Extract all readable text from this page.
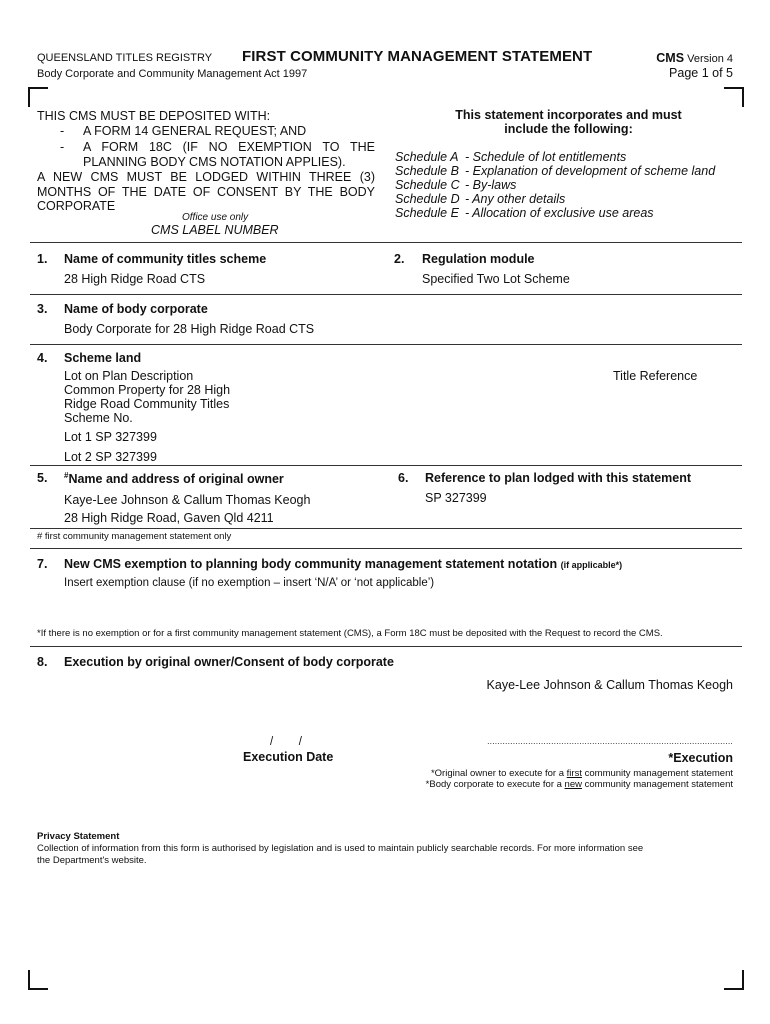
QUEENSLAND TITLES REGISTRY
Body Corporate and Community Management Act 1997
FIRST COMMUNITY MANAGEMENT STATEMENT	CMS Version 4
Page 1 of 5
THIS CMS MUST BE DEPOSITED WITH:
- A FORM 14 GENERAL REQUEST; AND
- A FORM 18C (IF NO EXEMPTION TO THE
PLANNING BODY CMS NOTATION APPLIES).
A NEW CMS MUST BE LODGED WITHIN THREE (3)
MONTHS OF THE DATE OF CONSENT BY THE BODY
CORPORATE
Office use only
CMS LABEL NUMBER
This statement incorporates and must
include the following:
Schedule A - Schedule of lot entitlements
Schedule B - Explanation of development of scheme land
Schedule C - By-laws
Schedule D - Any other details
Schedule E - Allocation of exclusive use areas
1. Name of community titles scheme
28 High Ridge Road CTS
2. Regulation module
Specified Two Lot Scheme
3. Name of body corporate
Body Corporate for 28 High Ridge Road CTS
4. Scheme land
Lot on Plan Description
Common Property for 28 High
Ridge Road Community Titles
Scheme No.
Title Reference
Lot 1 SP 327399
Lot 2 SP 327399
5. #Name and address of original owner
Kaye-Lee Johnson & Callum Thomas Keogh
28 High Ridge Road, Gaven Qld 4211
6. Reference to plan lodged with this statement
SP 327399
# first community management statement only
7. New CMS exemption to planning body community management statement notation (if applicable*)
Insert exemption clause (if no exemption – insert ‘N/A’ or ‘not applicable’)
*If there is no exemption or for a first community management statement (CMS), a Form 18C must be deposited with the Request to record the CMS.
8. Execution by original owner/Consent of body corporate
Kaye-Lee Johnson & Callum Thomas Keogh
/        /
Execution Date
................................................................................................
*Execution
*Original owner to execute for a first community management statement
*Body corporate to execute for a new community management statement
Privacy Statement
Collection of information from this form is authorised by legislation and is used to maintain publicly searchable records. For more information see
the Department's website.
